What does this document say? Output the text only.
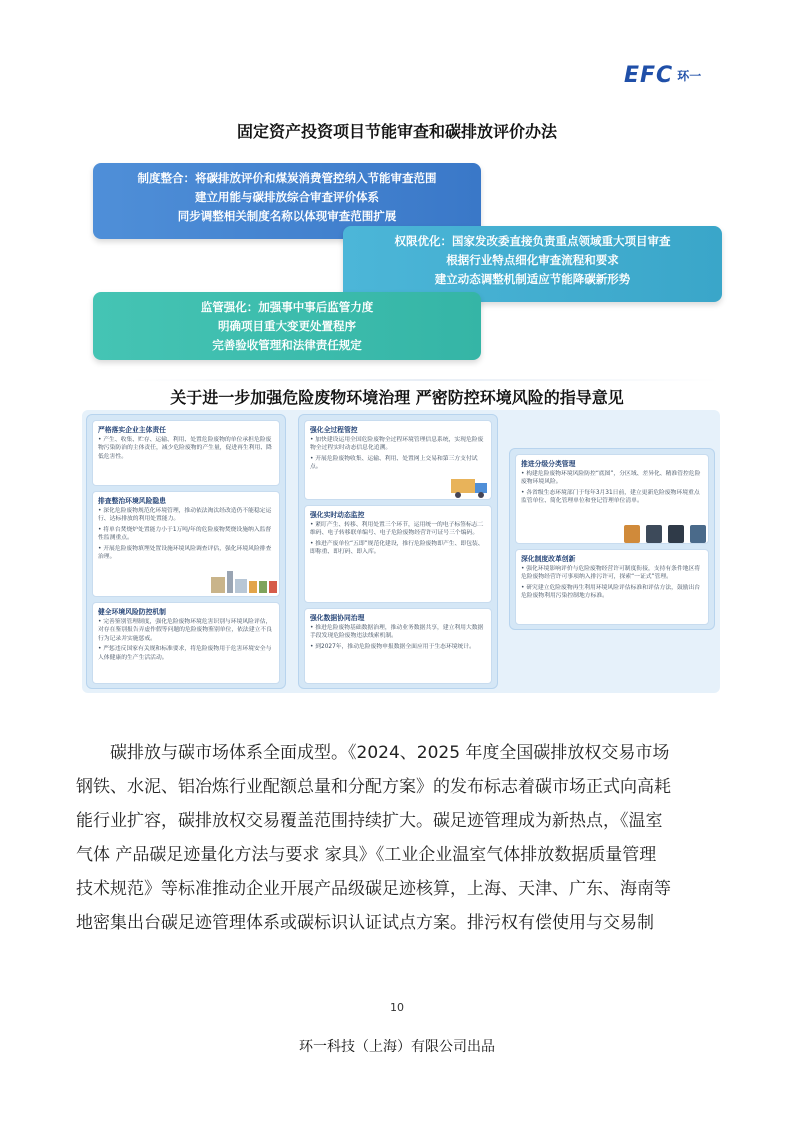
EFC 环一
固定资产投资项目节能审查和碳排放评价办法
制度整合：将碳排放评价和煤炭消费管控纳入节能审查范围
建立用能与碳排放综合审查评价体系
同步调整相关制度名称以体现审查范围扩展
权限优化：国家发改委直接负责重点领域重大项目审查
根据行业特点细化审查流程和要求
建立动态调整机制适应节能降碳新形势
监管强化：加强事中事后监管力度
明确项目重大变更处置程序
完善验收管理和法律责任规定
关于进一步加强危险废物环境治理 严密防控环境风险的指导意见
严格落实企业主体责任
• 产生、收集、贮存、运输、利用、处置危险废物的单位承担危险废物污染防治的主体责任，减少危险废物的产生量，促进再生利用、降低危害性。
排查整治环境风险隐患
• 深化危险废物规范化环境管理，推动依法淘汰经改造仍不能稳定运行、达标排放的利用处置能力。
• 将单台焚烧炉处置能力小于1万吨/年的危险废物焚烧设施纳入监督性监测重点。
• 开展危险废物填埋处置设施环境风险调查评估，强化环境风险排查治理。
健全环境风险防控机制
• 完善鉴别管理制度，强化危险废物环境危害识别与环境风险评估，对存在鉴别报告弄虚作假等问题的危险废物鉴别单位，依法建立不良行为记录并实施惩戒。
• 严惩违反国家有关规和标准要求，将危险废物用于危害环境安全与人体健康的生产生活活动。
强化全过程管控
• 加快建设运用全国危险废物全过程环境管理信息系统，实现危险废物全过程实时动态信息化追溯。
• 开展危险废物收集、运输、利用、处置网上交易和第三方支付试点。
强化实时动态监控
• 紧盯产生、转移、利用处置三个环节，运用统一的电子标签标志二维码、电子转移联单编号、电子危险废物经营许可证号三个编码。
• 推进产废单位“五即”规范化建设，推行危险废物即产生、即包装、即称重、即打码、即入库。
强化数据协同治理
• 推进危险废物基础数据治理，推动业务数据共享，建立利用大数据手段发现危险废物违法线索机制。
• 到2027年，推动危险废物申报数据全面应用于生态环境统计。
推进分级分类管理
• 构建危险废物环境风险防控“底图”，分区域、差异化、精准管控危险废物环境风险。
• 各省级生态环境部门于每年3月31日前，建立更新危险废物环境重点监管单位、简化管理单位和登记管理单位清单。
深化制度改革创新
• 强化环境影响评价与危险废物经营许可制度衔接，支持有条件地区将危险废物经营许可事项纳入排污许可，探索“一证式”管理。
• 研究建立危险废物再生利用环境风险评估标准和评估方法，鼓励出台危险废物利用污染控制地方标准。
碳排放与碳市场体系全面成型。《2024、2025 年度全国碳排放权交易市场
钢铁、水泥、铝冶炼行业配额总量和分配方案》的发布标志着碳市场正式向高耗
能行业扩容，碳排放权交易覆盖范围持续扩大。碳足迹管理成为新热点，《温室
气体 产品碳足迹量化方法与要求 家具》《工业企业温室气体排放数据质量管理
技术规范》等标准推动企业开展产品级碳足迹核算，上海、天津、广东、海南等
地密集出台碳足迹管理体系或碳标识认证试点方案。排污权有偿使用与交易制
10
环一科技（上海）有限公司出品
